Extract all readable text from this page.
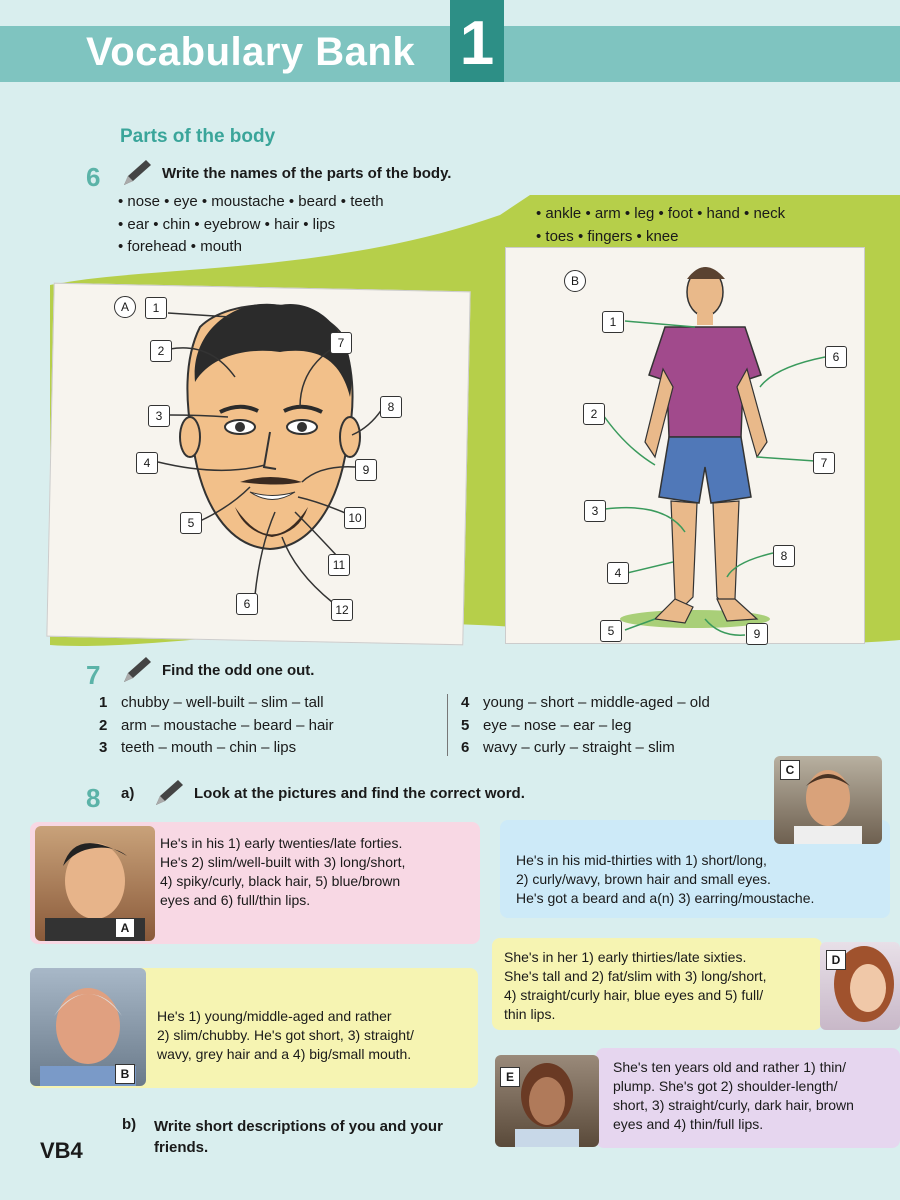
Vocabulary Bank 1
Parts of the body
6	Write the names of the parts of the body.
• nose • eye • moustache • beard • teeth
• ear • chin • eyebrow • hair • lips
• forehead • mouth
• ankle • arm • leg • foot • hand • neck
• toes • fingers • knee
A	1
2
3
4
5
6
7
8
9
10
11
12
B
1
2
3
4
5
6
7
8
9
7	Find the odd one out.
1 chubby – well-built – slim – tall
2 arm – moustache – beard – hair
3 teeth – mouth – chin – lips
4 young – short – middle-aged – old
5 eye – nose – ear – leg
6 wavy – curly – straight – slim
8 a)	Look at the pictures and find the correct word.
A
He's in his 1) early twenties/late forties.
He's 2) slim/well-built with 3) long/short,
4) spiky/curly, black hair, 5) blue/brown
eyes and 6) full/thin lips.
C
He's in his mid-thirties with 1) short/long,
2) curly/wavy, brown hair and small eyes.
He's got a beard and a(n) 3) earring/moustache.
D
She's in her 1) early thirties/late sixties.
She's tall and 2) fat/slim with 3) long/short,
4) straight/curly hair, blue eyes and 5) full/
thin lips.
B
He's 1) young/middle-aged and rather
2) slim/chubby. He's got short, 3) straight/
wavy, grey hair and a 4) big/small mouth.
E
She's ten years old and rather 1) thin/
plump. She's got 2) shoulder-length/
short, 3) straight/curly, dark hair, brown
eyes and 4) thin/full lips.
b) Write short descriptions of you and your
friends.
VB4
